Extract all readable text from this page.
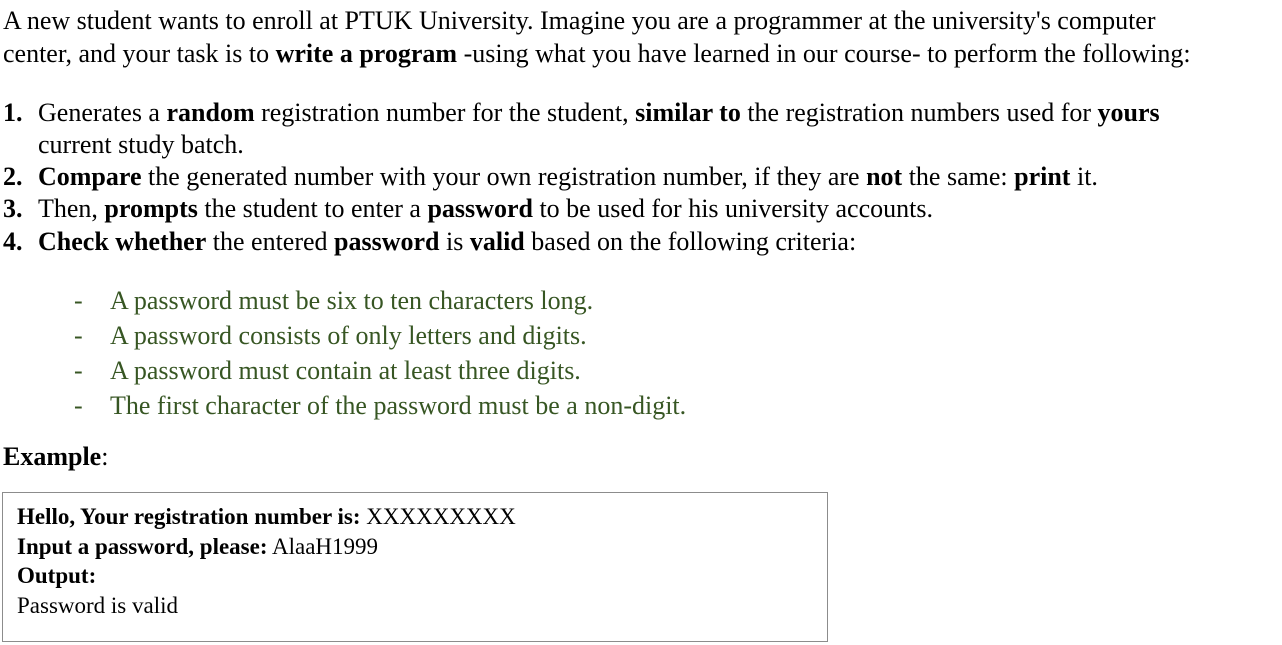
A new student wants to enroll at PTUK University. Imagine you are a programmer at the university's computer
center, and your task is to write a program -using what you have learned in our course- to perform the following:
1. Generates a random registration number for the student, similar to the registration numbers used for yours
current study batch.
2. Compare the generated number with your own registration number, if they are not the same: print it.
3. Then, prompts the student to enter a password to be used for his university accounts.
4. Check whether the entered password is valid based on the following criteria:
-	A password must be six to ten characters long.
-	A password consists of only letters and digits.
-	A password must contain at least three digits.
-	The first character of the password must be a non-digit.
Example:
Hello, Your registration number is: XXXXXXXXX
Input a password, please: AlaaH1999
Output:
Password is valid
